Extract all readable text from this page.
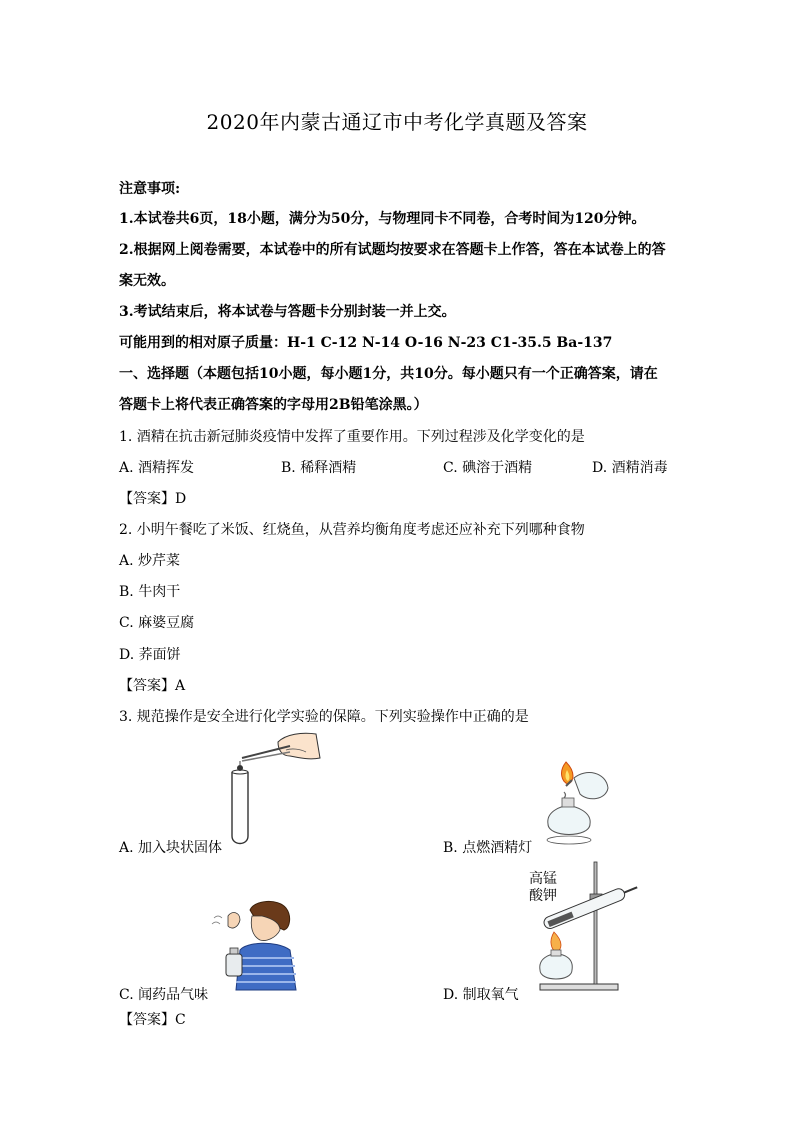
2020年内蒙古通辽市中考化学真题及答案
注意事项:
1.本试卷共6页，18小题，满分为50分，与物理同卡不同卷，合考时间为120分钟。
2.根据网上阅卷需要，本试卷中的所有试题均按要求在答题卡上作答，答在本试卷上的答
案无效。
3.考试结束后，将本试卷与答题卡分别封装一并上交。
可能用到的相对原子质量：H-1 C-12 N-14 O-16 N-23 C1-35.5 Ba-137
一、选择题（本题包括10小题，每小题1分，共10分。每小题只有一个正确答案，请在
答题卡上将代表正确答案的字母用2B铅笔涂黑。）
1. 酒精在抗击新冠肺炎疫情中发挥了重要作用。下列过程涉及化学变化的是
A. 酒精挥发	B. 稀释酒精	C. 碘溶于酒精	D. 酒精消毒
【答案】D
2. 小明午餐吃了米饭、红烧鱼，从营养均衡角度考虑还应补充下列哪种食物
A. 炒芹菜
B. 牛肉干
C. 麻婆豆腐
D. 荞面饼
【答案】A
3. 规范操作是安全进行化学实验的保障。下列实验操作中正确的是
A. 加入块状固体	B. 点燃酒精灯
C. 闻药品气味
高锰
酸钾
D. 制取氧气
【答案】C
